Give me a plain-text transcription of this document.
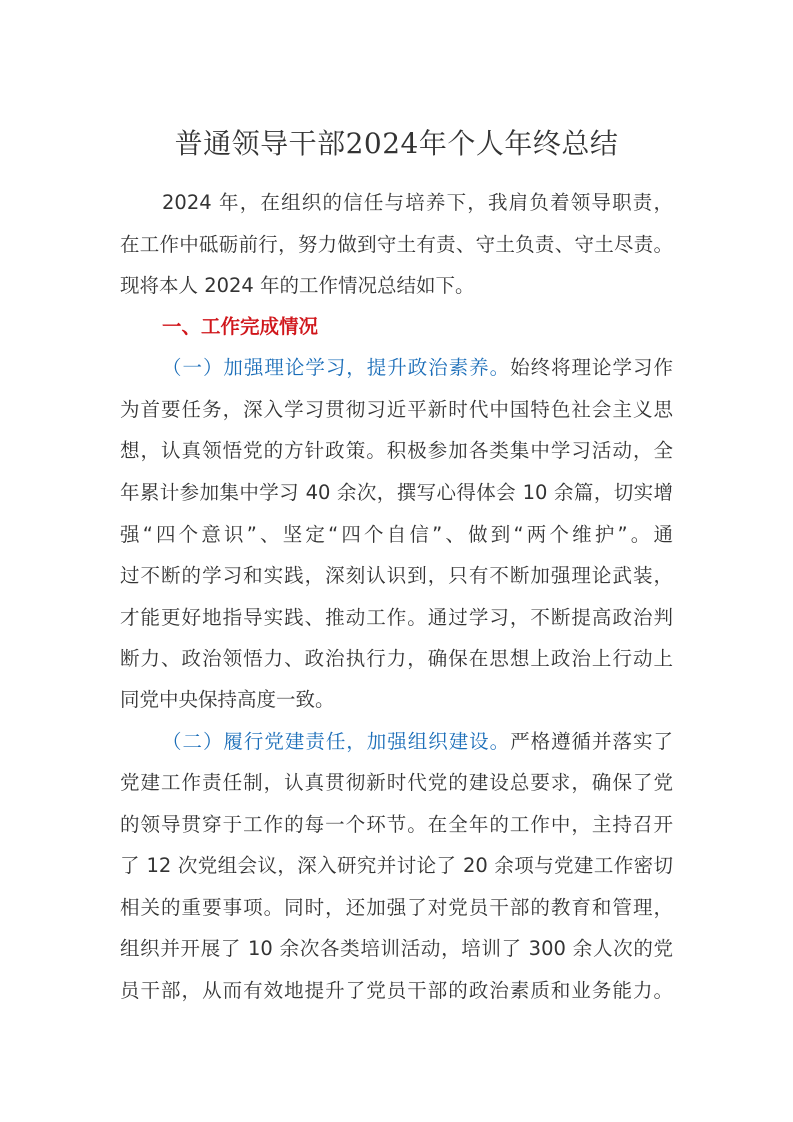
普通领导干部2024年个人年终总结
2024 年，在组织的信任与培养下，我肩负着领导职责，
在工作中砥砺前行，努力做到守土有责、守土负责、守土尽责。
现将本人 2024 年的工作情况总结如下。
一、工作完成情况
（一）加强理论学习，提升政治素养。始终将理论学习作
为首要任务，深入学习贯彻习近平新时代中国特色社会主义思
想，认真领悟党的方针政策。积极参加各类集中学习活动，全
年累计参加集中学习 40 余次，撰写心得体会 10 余篇，切实增
强“四个意识”、坚定“四个自信”、做到“两个维护”。通
过不断的学习和实践，深刻认识到，只有不断加强理论武装，
才能更好地指导实践、推动工作。通过学习，不断提高政治判
断力、政治领悟力、政治执行力，确保在思想上政治上行动上
同党中央保持高度一致。
（二）履行党建责任，加强组织建设。严格遵循并落实了
党建工作责任制，认真贯彻新时代党的建设总要求，确保了党
的领导贯穿于工作的每一个环节。在全年的工作中，主持召开
了 12 次党组会议，深入研究并讨论了 20 余项与党建工作密切
相关的重要事项。同时，还加强了对党员干部的教育和管理，
组织并开展了 10 余次各类培训活动，培训了 300 余人次的党
员干部，从而有效地提升了党员干部的政治素质和业务能力。
